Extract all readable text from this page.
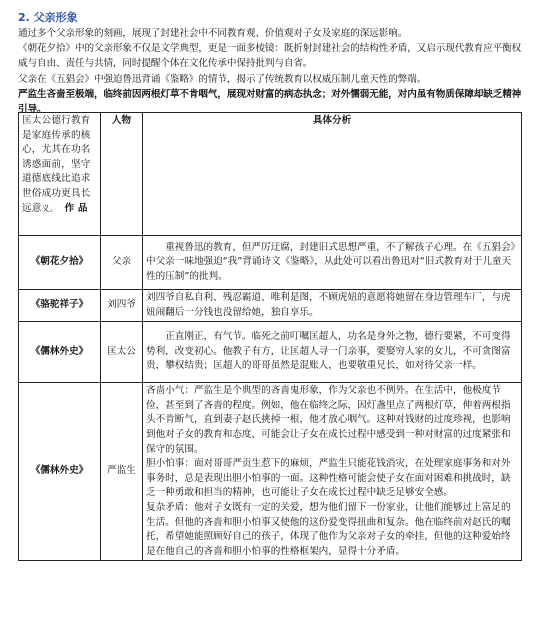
2. 父亲形象

通过多个父亲形象的刻画，展现了封建社会中不同教育观、价值观对子女及家庭的深远影响。

《朝花夕拾》中的父亲形象不仅是文学典型，更是一面多棱镜：既折射封建社会的结构性矛盾，又启示现代教育应平衡权威与自由、责任与共情，同时提醒个体在文化传承中保持批判与自省。

父亲在《五猖会》中强迫鲁迅背诵《鉴略》的情节，揭示了传统教育以权威压制儿童天性的弊端。

严监生吝啬至极端，临终前因两根灯草不肯咽气，展现对财富的病态执念；对外懦弱无能，对内虽有物质保障却缺乏精神引导。

匡太公德行教育是家庭传承的核心，尤其在功名诱惑面前，坚守道德底线比追求世俗成功更具长远意义。 作 品	人物	具体分析
《朝花夕拾》	父亲	重视鲁迅的教育，但严厉迂腐，封建旧式思想严重，不了解孩子心理。在《五猖会》中父亲一味地强迫“我”背诵诗文《鉴略》，从此处可以看出鲁迅对“旧式教育对于儿童天性的压制”的批判。

《骆驼祥子》	刘四爷	刘四爷自私自利、残忍霸道、唯利是图，不顾虎妞的意愿将她留在身边管理车厂，与虎妞闹翻后一分钱也没留给她，独自享乐。

《儒林外史》	匡太公	正直刚正，有气节。临死之前叮嘱匡超人，功名是身外之物，德行要紧，不可变得势利，改变初心。他教子有方，让匡超人寻一门亲事，要娶穷人家的女儿，不可贪图富贵，攀权结贵；匡超人的哥哥虽然是混账人，也要敬重兄长，如对待父亲一样。

《儒林外史》	严监生	吝啬小气：严监生是个典型的吝啬鬼形象，作为父亲也不例外。在生活中，他极度节俭，甚至到了吝啬的程度。例如，他在临终之际，因灯盏里点了两根灯草，伸着两根指头不肯断气，直到妻子赵氏挑掉一根，他才放心咽气。这种对钱财的过度珍视，也影响到他对子女的教育和态度，可能会让子女在成长过程中感受到一种对财富的过度紧张和保守的氛围。

胆小怕事：面对哥哥严贡生惹下的麻烦，严监生只能花钱消灾，在处理家庭事务和对外事务时，总是表现出胆小怕事的一面。这种性格可能会使子女在面对困难和挑战时，缺乏一种勇敢和担当的精神，也可能让子女在成长过程中缺乏足够安全感。

复杂矛盾：他对子女既有一定的关爱，想为他们留下一份家业，让他们能够过上富足的生活。但他的吝啬和胆小怕事又使他的这份爱变得扭曲和复杂。他在临终前对赵氏的嘱托，希望她能照顾好自己的孩子，体现了他作为父亲对子女的牵挂，但他的这种爱始终是在他自己的吝啬和胆小怕事的性格框架内，显得十分矛盾。
